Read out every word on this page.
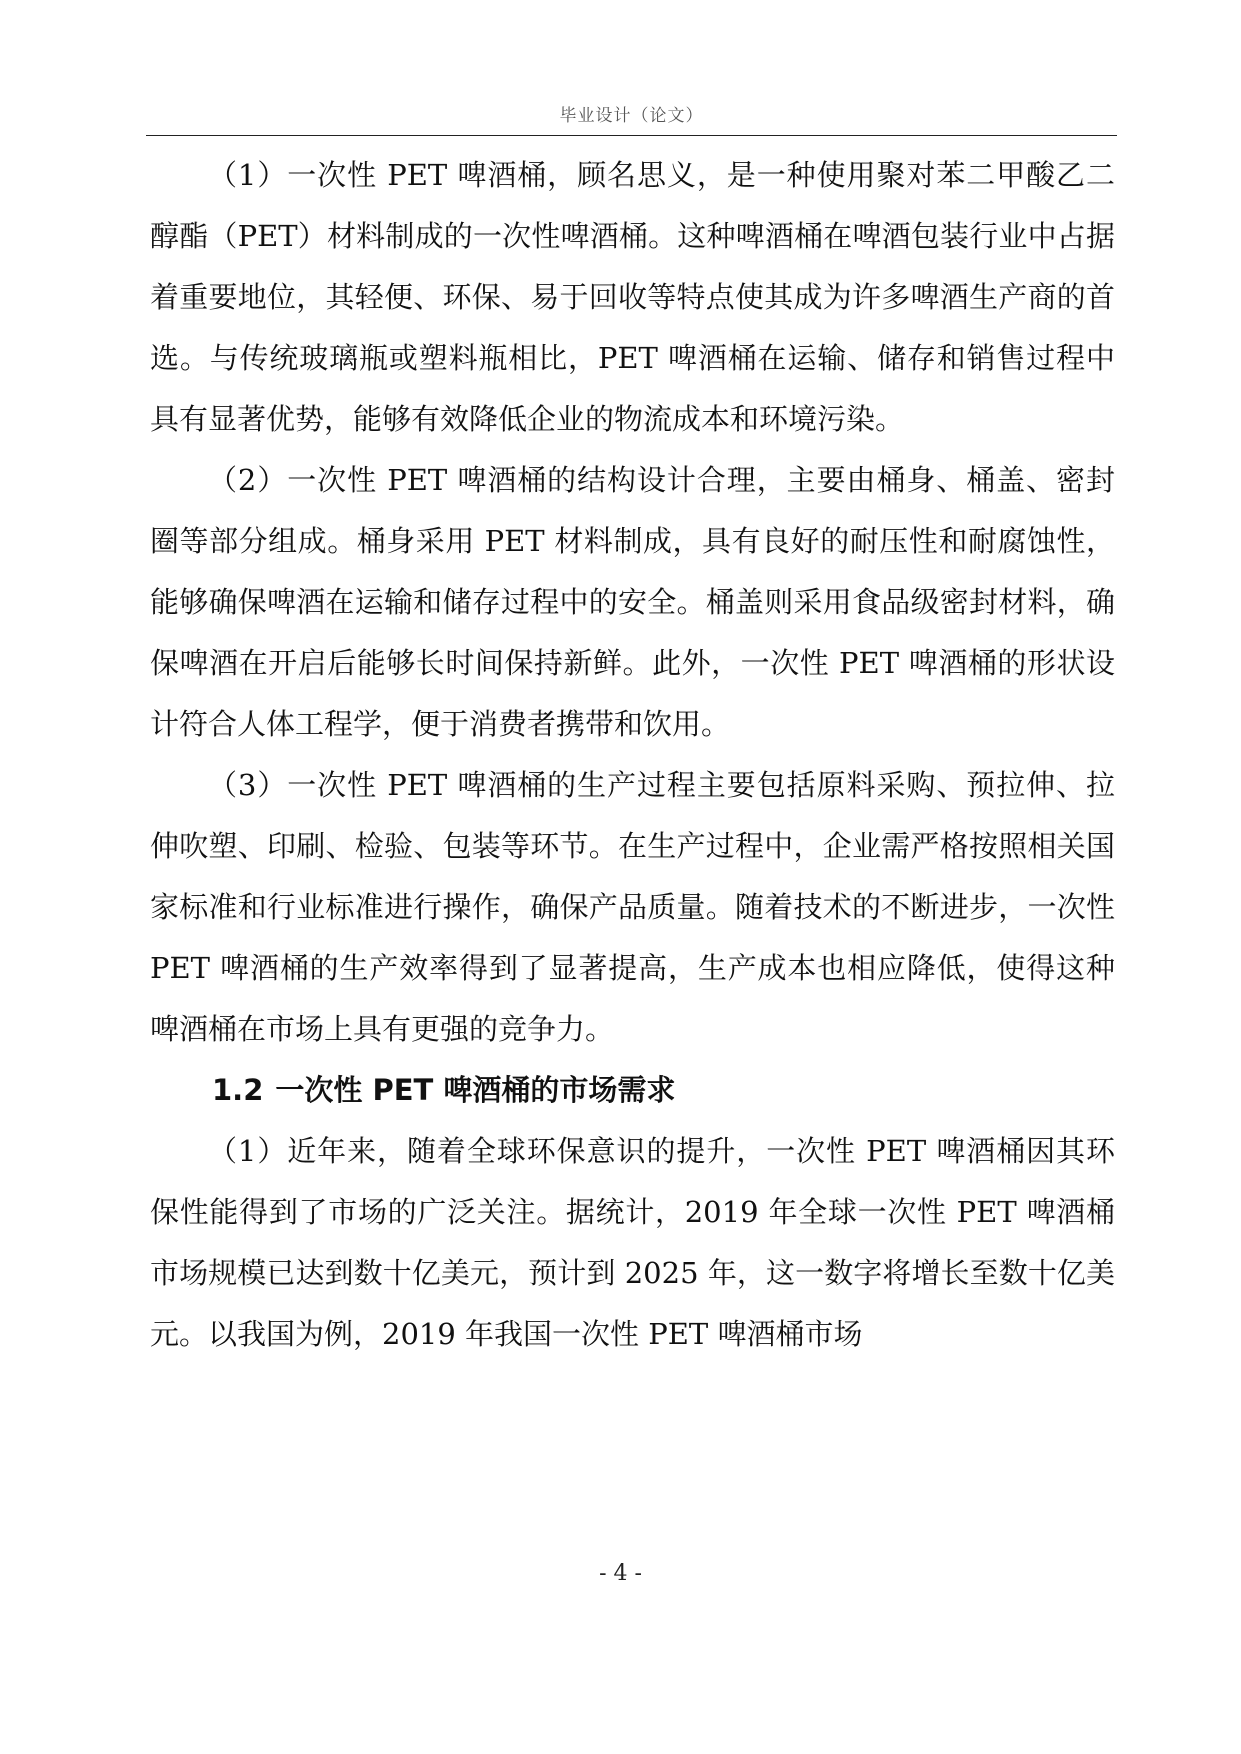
毕业设计（论文）

（1）一次性 PET 啤酒桶，顾名思义，是一种使用聚对苯二甲酸乙二醇酯（PET）材料制成的一次性啤酒桶。这种啤酒桶在啤酒包装行业中占据着重要地位，其轻便、环保、易于回收等特点使其成为许多啤酒生产商的首选。与传统玻璃瓶或塑料瓶相比，PET 啤酒桶在运输、储存和销售过程中具有显著优势，能够有效降低企业的物流成本和环境污染。

（2）一次性 PET 啤酒桶的结构设计合理，主要由桶身、桶盖、密封圈等部分组成。桶身采用 PET 材料制成，具有良好的耐压性和耐腐蚀性，能够确保啤酒在运输和储存过程中的安全。桶盖则采用食品级密封材料，确保啤酒在开启后能够长时间保持新鲜。此外，一次性 PET 啤酒桶的形状设计符合人体工程学，便于消费者携带和饮用。

（3）一次性 PET 啤酒桶的生产过程主要包括原料采购、预拉伸、拉伸吹塑、印刷、检验、包装等环节。在生产过程中，企业需严格按照相关国家标准和行业标准进行操作，确保产品质量。随着技术的不断进步，一次性 PET 啤酒桶的生产效率得到了显著提高，生产成本也相应降低，使得这种啤酒桶在市场上具有更强的竞争力。

1.2 一次性 PET 啤酒桶的市场需求

（1）近年来，随着全球环保意识的提升，一次性 PET 啤酒桶因其环保性能得到了市场的广泛关注。据统计，2019 年全球一次性 PET 啤酒桶市场规模已达到数十亿美元，预计到 2025 年，这一数字将增长至数十亿美元。以我国为例，2019 年我国一次性 PET 啤酒桶市场

- 4 -
